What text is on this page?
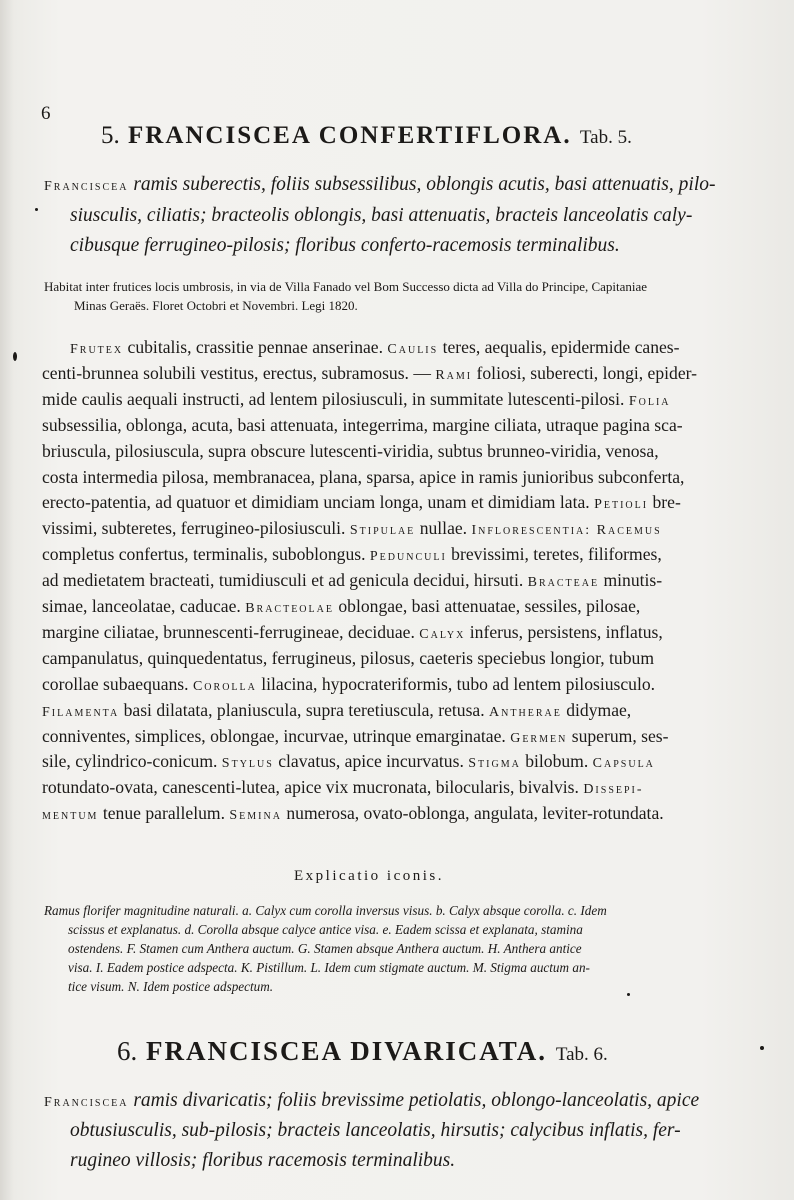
6
5. FRANCISCEA CONFERTIFLORA. Tab. 5.
Franciscea ramis suberectis, foliis subsessilibus, oblongis acutis, basi attenuatis, pilo-
siusculis, ciliatis; bracteolis oblongis, basi attenuatis, bracteis lanceolatis caly-
cibusque ferrugineo-pilosis; floribus conferto-racemosis terminalibus.
Habitat inter frutices locis umbrosis, in via de Villa Fanado vel Bom Successo dicta ad Villa do Principe, Capitaniae
Minas Geraës. Floret Octobri et Novembri. Legi 1820.
Frutex cubitalis, crassitie pennae anserinae. Caulis teres, aequalis, epidermide canes-
centi-brunnea solubili vestitus, erectus, subramosus. — Rami foliosi, suberecti, longi, epider-
mide caulis aequali instructi, ad lentem pilosiusculi, in summitate lutescenti-pilosi. Folia
subsessilia, oblonga, acuta, basi attenuata, integerrima, margine ciliata, utraque pagina sca-
briuscula, pilosiuscula, supra obscure lutescenti-viridia, subtus brunneo-viridia, venosa,
costa intermedia pilosa, membranacea, plana, sparsa, apice in ramis junioribus subconferta,
erecto-patentia, ad quatuor et dimidiam unciam longa, unam et dimidiam lata. Petioli bre-
vissimi, subteretes, ferrugineo-pilosiusculi. Stipulae nullae. Inflorescentia: Racemus
completus confertus, terminalis, suboblongus. Pedunculi brevissimi, teretes, filiformes,
ad medietatem bracteati, tumidiusculi et ad genicula decidui, hirsuti. Bracteae minutis-
simae, lanceolatae, caducae. Bracteolae oblongae, basi attenuatae, sessiles, pilosae,
margine ciliatae, brunnescenti-ferrugineae, deciduae. Calyx inferus, persistens, inflatus,
campanulatus, quinquedentatus, ferrugineus, pilosus, caeteris speciebus longior, tubum
corollae subaequans. Corolla lilacina, hypocrateriformis, tubo ad lentem pilosiusculo.
Filamenta basi dilatata, planiuscula, supra teretiuscula, retusa. Antherae didymae,
conniventes, simplices, oblongae, incurvae, utrinque emarginatae. Germen superum, ses-
sile, cylindrico-conicum. Stylus clavatus, apice incurvatus. Stigma bilobum. Capsula
rotundato-ovata, canescenti-lutea, apice vix mucronata, bilocularis, bivalvis. Dissepi-
mentum tenue parallelum. Semina numerosa, ovato-oblonga, angulata, leviter-rotundata.
Explicatio iconis.
Ramus florifer magnitudine naturali. a. Calyx cum corolla inversus visus. b. Calyx absque corolla. c. Idem
scissus et explanatus. d. Corolla absque calyce antice visa. e. Eadem scissa et explanata, stamina
ostendens. F. Stamen cum Anthera auctum. G. Stamen absque Anthera auctum. H. Anthera antice
visa. I. Eadem postice adspecta. K. Pistillum. L. Idem cum stigmate auctum. M. Stigma auctum an-
tice visum. N. Idem postice adspectum.
6. FRANCISCEA DIVARICATA. Tab. 6.
Franciscea ramis divaricatis; foliis brevissime petiolatis, oblongo-lanceolatis, apice
obtusiusculis, sub-pilosis; bracteis lanceolatis, hirsutis; calycibus inflatis, fer-
rugineo villosis; floribus racemosis terminalibus.
